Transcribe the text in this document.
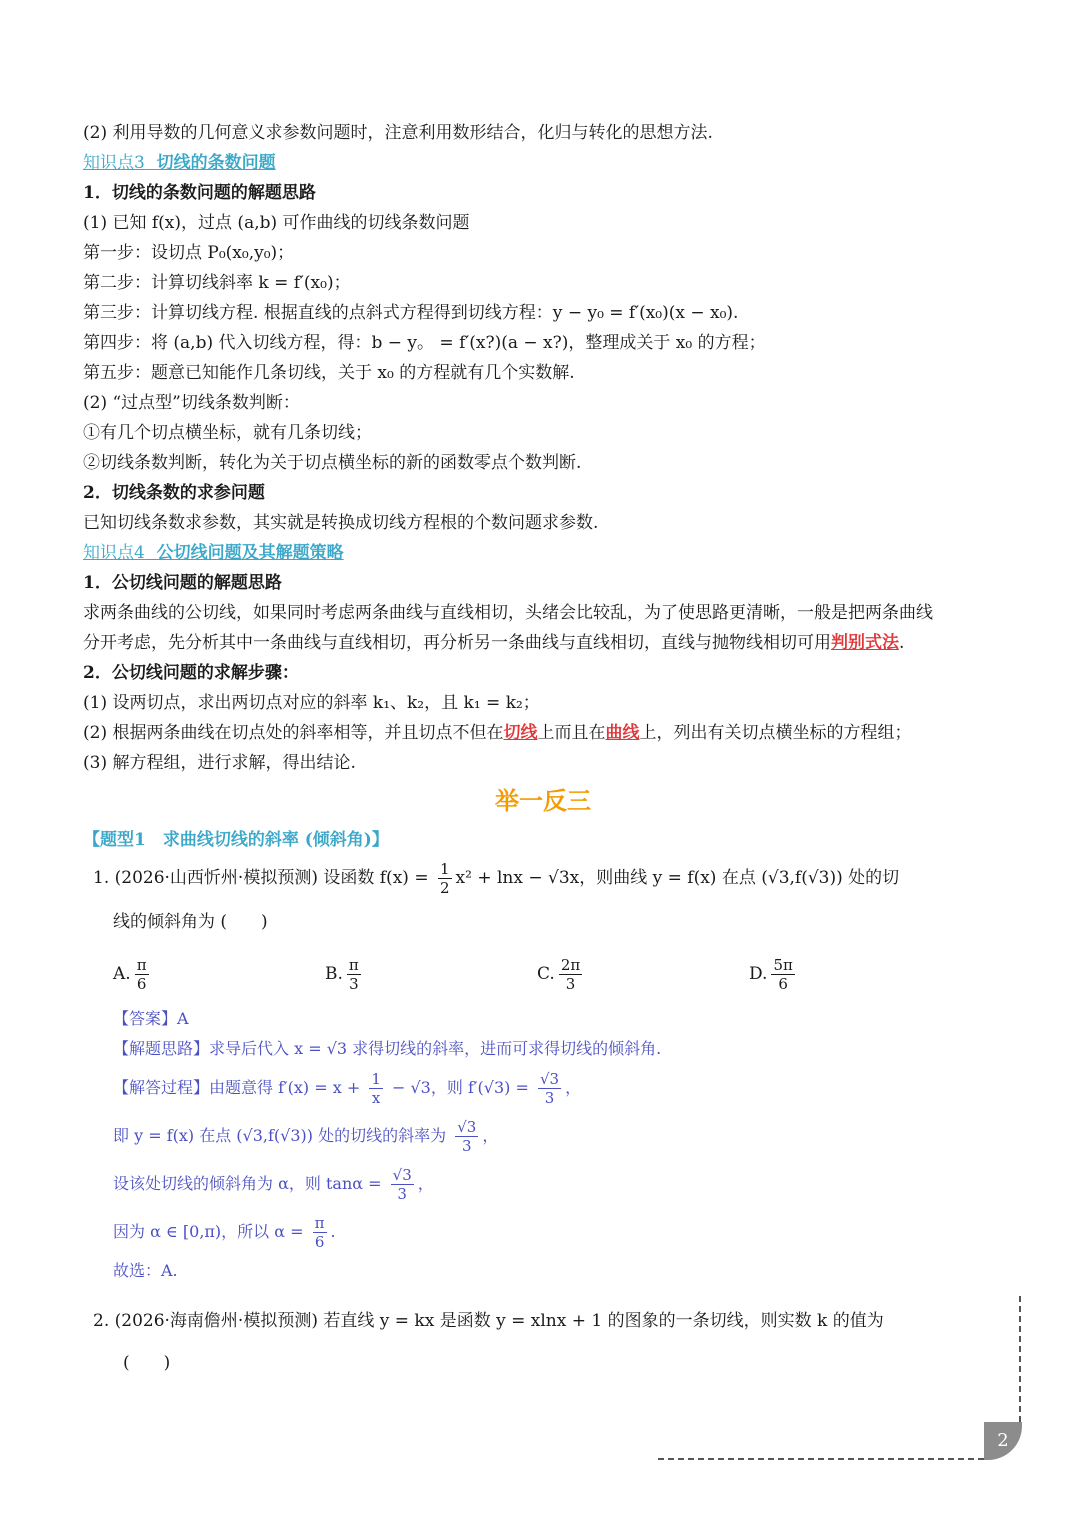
(2) 利用导数的几何意义求参数问题时，注意利用数形结合，化归与转化的思想方法.
知识点3 切线的条数问题
1．切线的条数问题的解题思路
(1) 已知 f(x)，过点 (a,b) 可作曲线的切线条数问题
第一步：设切点 P₀(x₀,y₀)；
第二步：计算切线斜率 k = f′(x₀)；
第三步：计算切线方程. 根据直线的点斜式方程得到切线方程：y − y₀ = f′(x₀)(x − x₀).
第四步：将 (a,b) 代入切线方程，得：b − y。 = f′(x?)(a − x?)，整理成关于 x₀ 的方程；
第五步：题意已知能作几条切线，关于 x₀ 的方程就有几个实数解.
(2) “过点型”切线条数判断：
①有几个切点横坐标，就有几条切线；
②切线条数判断，转化为关于切点横坐标的新的函数零点个数判断.
2．切线条数的求参问题
已知切线条数求参数，其实就是转换成切线方程根的个数问题求参数.
知识点4 公切线问题及其解题策略
1．公切线问题的解题思路
求两条曲线的公切线，如果同时考虑两条曲线与直线相切，头绪会比较乱，为了使思路更清晰，一般是把两条曲线
分开考虑，先分析其中一条曲线与直线相切，再分析另一条曲线与直线相切，直线与抛物线相切可用判别式法.
2．公切线问题的求解步骤：
(1) 设两切点，求出两切点对应的斜率 k₁、k₂，且 k₁ = k₂；
(2) 根据两条曲线在切点处的斜率相等，并且切点不但在切线上而且在曲线上，列出有关切点横坐标的方程组；
(3) 解方程组，进行求解，得出结论.
举一反三
【题型1　求曲线切线的斜率 (倾斜角)】
1. (2026·山西忻州·模拟预测) 设函数 $f(x) = \frac{1}{2} x^2 + \ln x - √3x$，则曲线 y = f(x) 在点 (√3,f(√3)) 处的切
线的倾斜角为 (　　)
A. $\frac{\pi}{6}$	B. $\frac{\pi}{3}$	C. $\frac{2\pi}{3}$	D. $\frac{5\pi}{6}$
【答案】A
【解题思路】求导后代入 x = √3 求得切线的斜率，进而可求得切线的倾斜角.
【解答过程】由题意得 $f'(x) = x + \frac{1}{x} - √3$，则 $f'(√3) = \frac{√3}{3}$ ，
即 y = f(x) 在点 (√3,f(√3)) 处的切线的斜率为 $\frac{√3}{3}$ ，
设该处切线的倾斜角为 α，则 $\tan\alpha = \frac{√3}{3}$ ，
因为 α ∈ [0,π)，所以 $\alpha = \frac{\pi}{6}$ .
故选：A.
2. (2026·海南儋州·模拟预测) 若直线 y = kx 是函数 y = xlnx + 1 的图象的一条切线，则实数 k 的值为
(　　)
2
